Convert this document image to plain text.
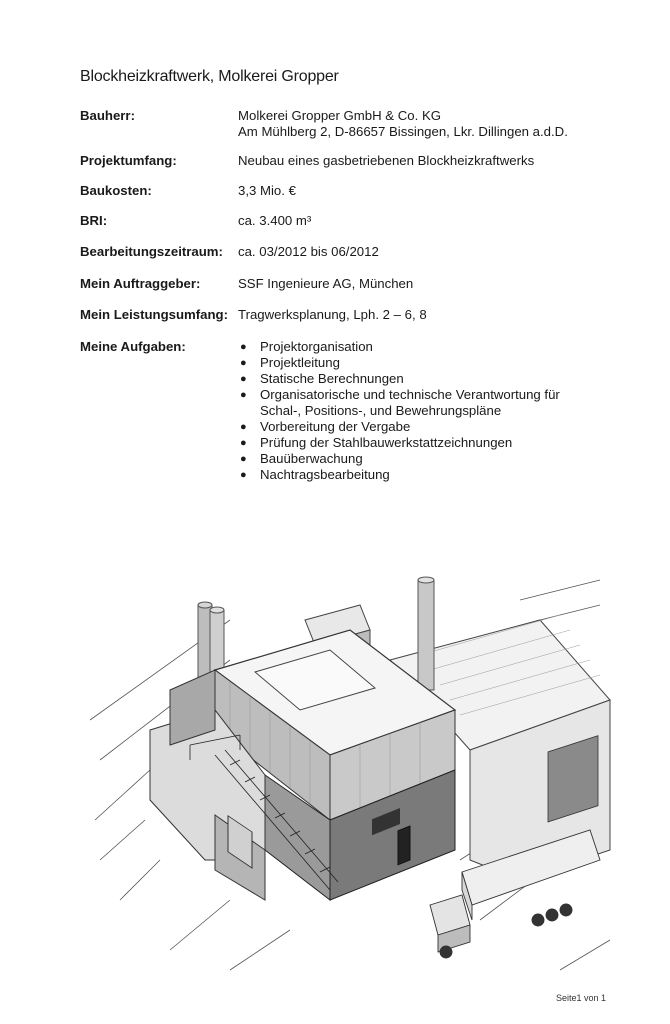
Blockheizkraftwerk, Molkerei Gropper
Bauherr:	Molkerei Gropper GmbH & Co. KG
Am Mühlberg 2, D-86657 Bissingen, Lkr. Dillingen a.d.D.
Projektumfang:	Neubau eines gasbetriebenen Blockheizkraftwerks
Baukosten:	3,3 Mio. €
BRI:	ca. 3.400 m³
Bearbeitungszeitraum: ca. 03/2012 bis 06/2012
Mein Auftraggeber:	SSF Ingenieure AG, München
Mein Leistungsumfang: Tragwerksplanung, Lph. 2 – 6, 8
Meine Aufgaben:	● Projektorganisation
● Projektleitung
● Statische Berechnungen
● Organisatorische und technische Verantwortung für
Schal-, Positions-, und Bewehrungspläne
● Vorbereitung der Vergabe
● Prüfung der Stahlbauwerkstattzeichnungen
● Bauüberwachung
● Nachtragsbearbeitung
Seite1 von 1
